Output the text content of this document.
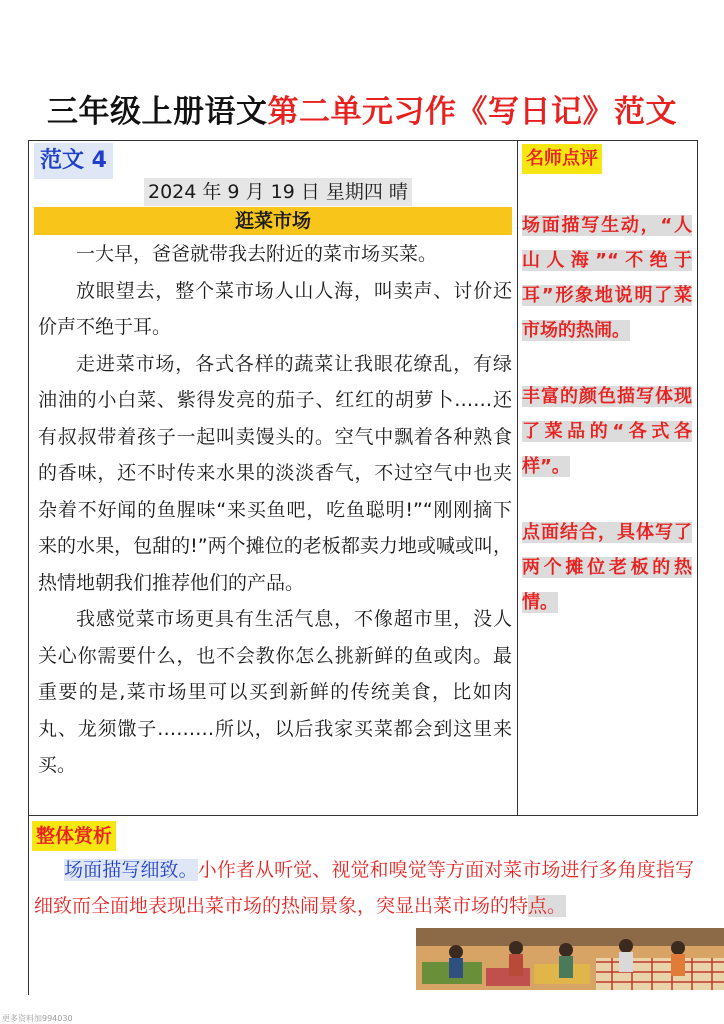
三年级上册语文第二单元习作《写日记》范文
范文 4
2024 年 9 月 19 日 星期四 晴
逛菜市场

一大早，爸爸就带我去附近的菜市场买菜。

放眼望去，整个菜市场人山人海，叫卖声、讨价还价声不绝于耳。

走进菜市场，各式各样的蔬菜让我眼花缭乱，有绿油油的小白菜、紫得发亮的茄子、红红的胡萝卜……还有叔叔带着孩子一起叫卖馒头的。空气中飘着各种熟食的香味，还不时传来水果的淡淡香气，不过空气中也夹杂着不好闻的鱼腥味“来买鱼吧，吃鱼聪明!”“刚刚摘下来的水果，包甜的!”两个摊位的老板都卖力地或喊或叫，热情地朝我们推荐他们的产品。

我感觉菜市场更具有生活气息，不像超市里，没人关心你需要什么，也不会教你怎么挑新鲜的鱼或肉。最重要的是,菜市场里可以买到新鲜的传统美食，比如肉丸、龙须馓子………所以，以后我家买菜都会到这里来买。

名师点评
场面描写生动，“人山人海”“不绝于耳”形象地说明了菜市场的热闹。
丰富的颜色描写体现了菜品的“各式各样”。
点面结合，具体写了两个摊位老板的热情。
整体赏析
场面描写细致。小作者从听觉、视觉和嗅觉等方面对菜市场进行多角度指写细致而全面地表现出菜市场的热闹景象，突显出菜市场的特点。
更多资料加994030
